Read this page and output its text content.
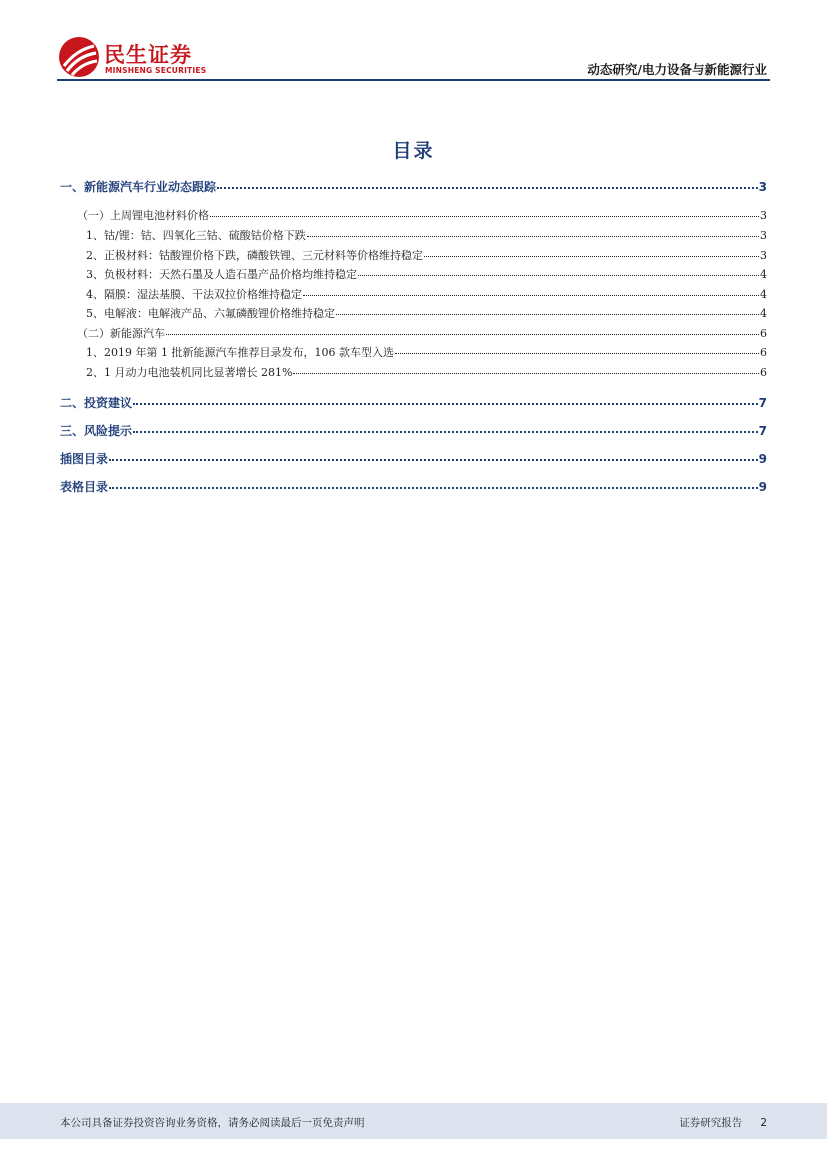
民生证券
MINSHENG SECURITIES	动态研究/电力设备与新能源行业
目录
一、新能源汽车行业动态跟踪	3
（一）上周锂电池材料价格	3
1、钴/锂：钴、四氧化三钴、硫酸钴价格下跌	3
2、正极材料：钴酸锂价格下跌，磷酸铁锂、三元材料等价格维持稳定	3
3、负极材料：天然石墨及人造石墨产品价格均维持稳定	4
4、隔膜：湿法基膜、干法双拉价格维持稳定	4
5、电解液：电解液产品、六氟磷酸锂价格维持稳定	4
（二）新能源汽车	6
1、2019 年第 1 批新能源汽车推荐目录发布，106 款车型入选	6
2、1 月动力电池装机同比显著增长 281%	6
二、投资建议	7
三、风险提示	7
插图目录	9
表格目录	9
本公司具备证券投资咨询业务资格，请务必阅读最后一页免责声明	证券研究报告 2
